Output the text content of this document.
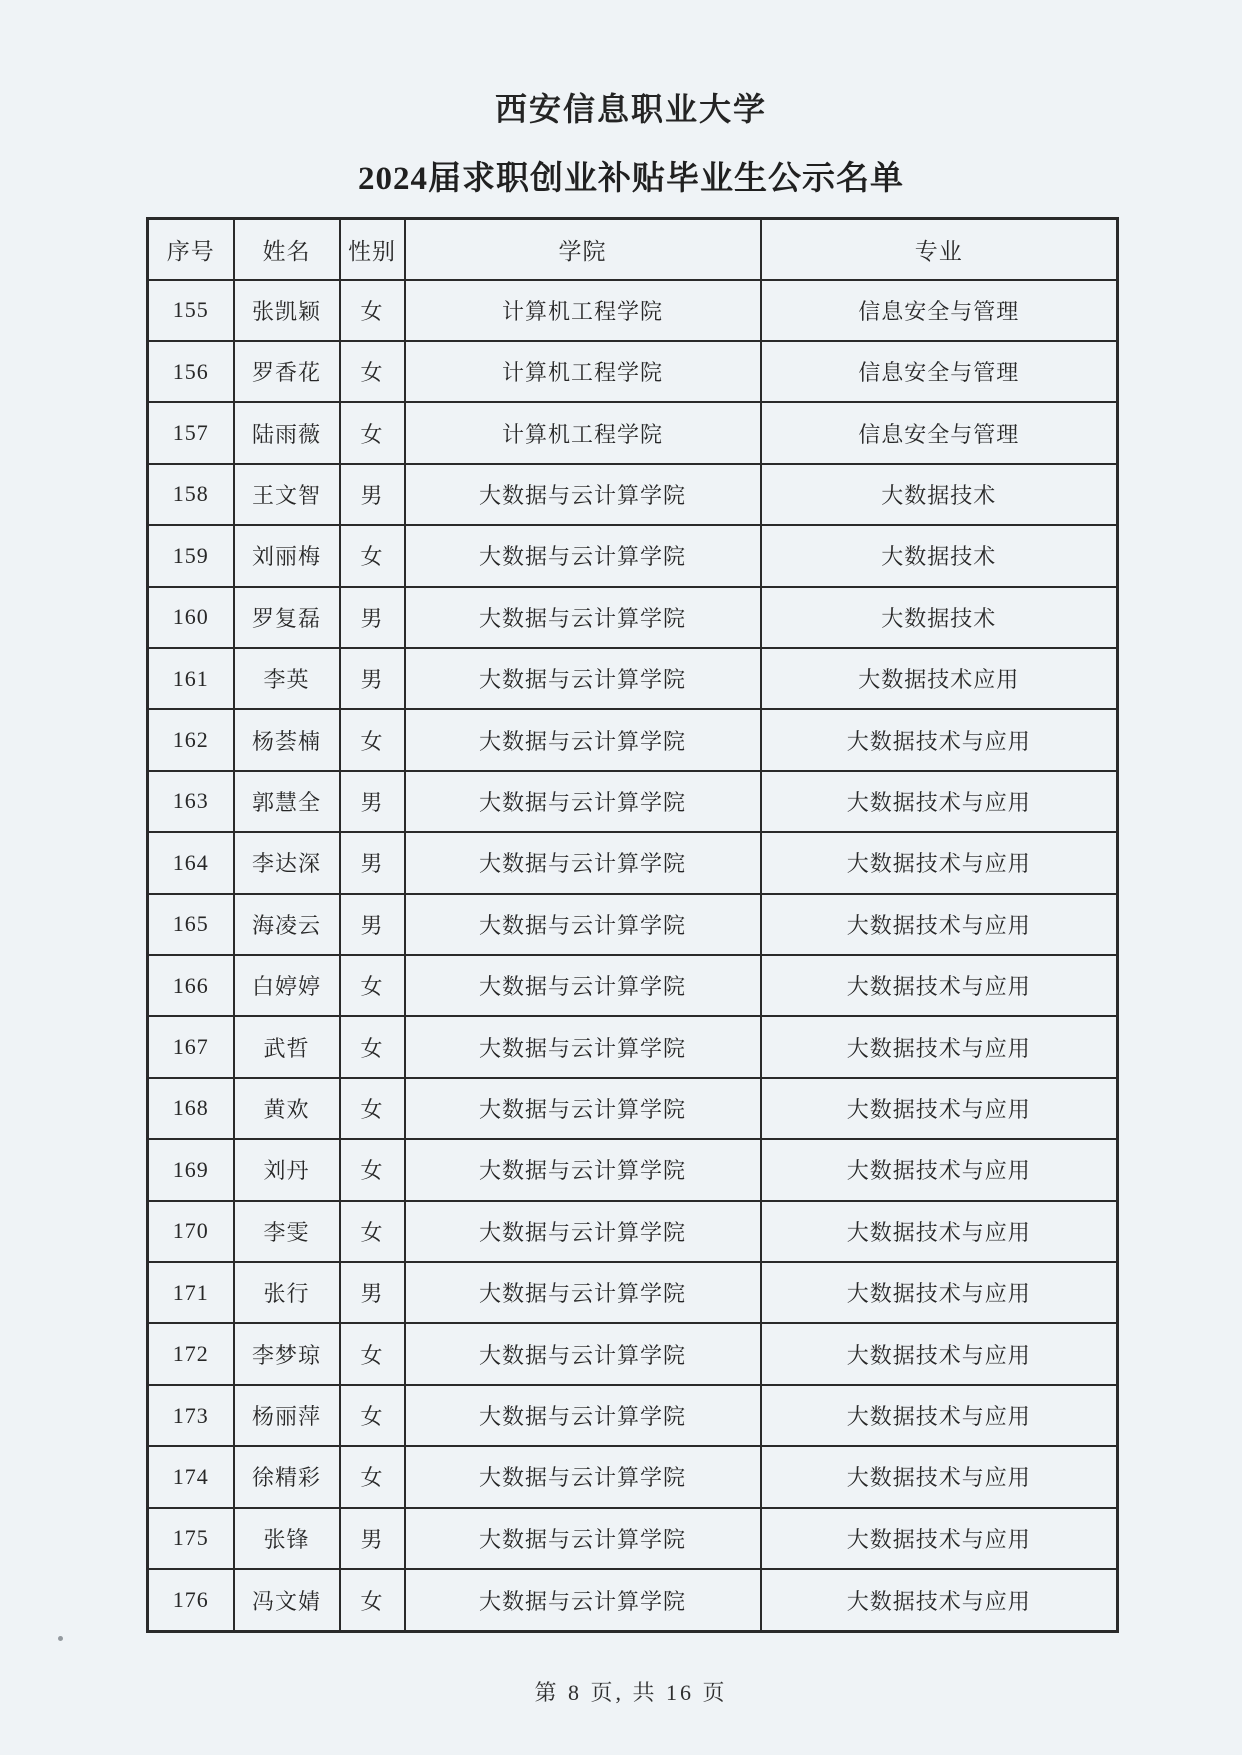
西安信息职业大学
2024届求职创业补贴毕业生公示名单
序号	姓名	性别	学院	专业
155	张凯颖	女	计算机工程学院	信息安全与管理
156	罗香花	女	计算机工程学院	信息安全与管理
157	陆雨薇	女	计算机工程学院	信息安全与管理
158	王文智	男	大数据与云计算学院	大数据技术
159	刘丽梅	女	大数据与云计算学院	大数据技术
160	罗复磊	男	大数据与云计算学院	大数据技术
161	李英	男	大数据与云计算学院	大数据技术应用
162	杨荟楠	女	大数据与云计算学院	大数据技术与应用
163	郭慧全	男	大数据与云计算学院	大数据技术与应用
164	李达深	男	大数据与云计算学院	大数据技术与应用
165	海凌云	男	大数据与云计算学院	大数据技术与应用
166	白婷婷	女	大数据与云计算学院	大数据技术与应用
167	武哲	女	大数据与云计算学院	大数据技术与应用
168	黄欢	女	大数据与云计算学院	大数据技术与应用
169	刘丹	女	大数据与云计算学院	大数据技术与应用
170	李雯	女	大数据与云计算学院	大数据技术与应用
171	张行	男	大数据与云计算学院	大数据技术与应用
172	李梦琼	女	大数据与云计算学院	大数据技术与应用
173	杨丽萍	女	大数据与云计算学院	大数据技术与应用
174	徐精彩	女	大数据与云计算学院	大数据技术与应用
175	张锋	男	大数据与云计算学院	大数据技术与应用
176	冯文婧	女	大数据与云计算学院	大数据技术与应用
第 8 页, 共 16 页
